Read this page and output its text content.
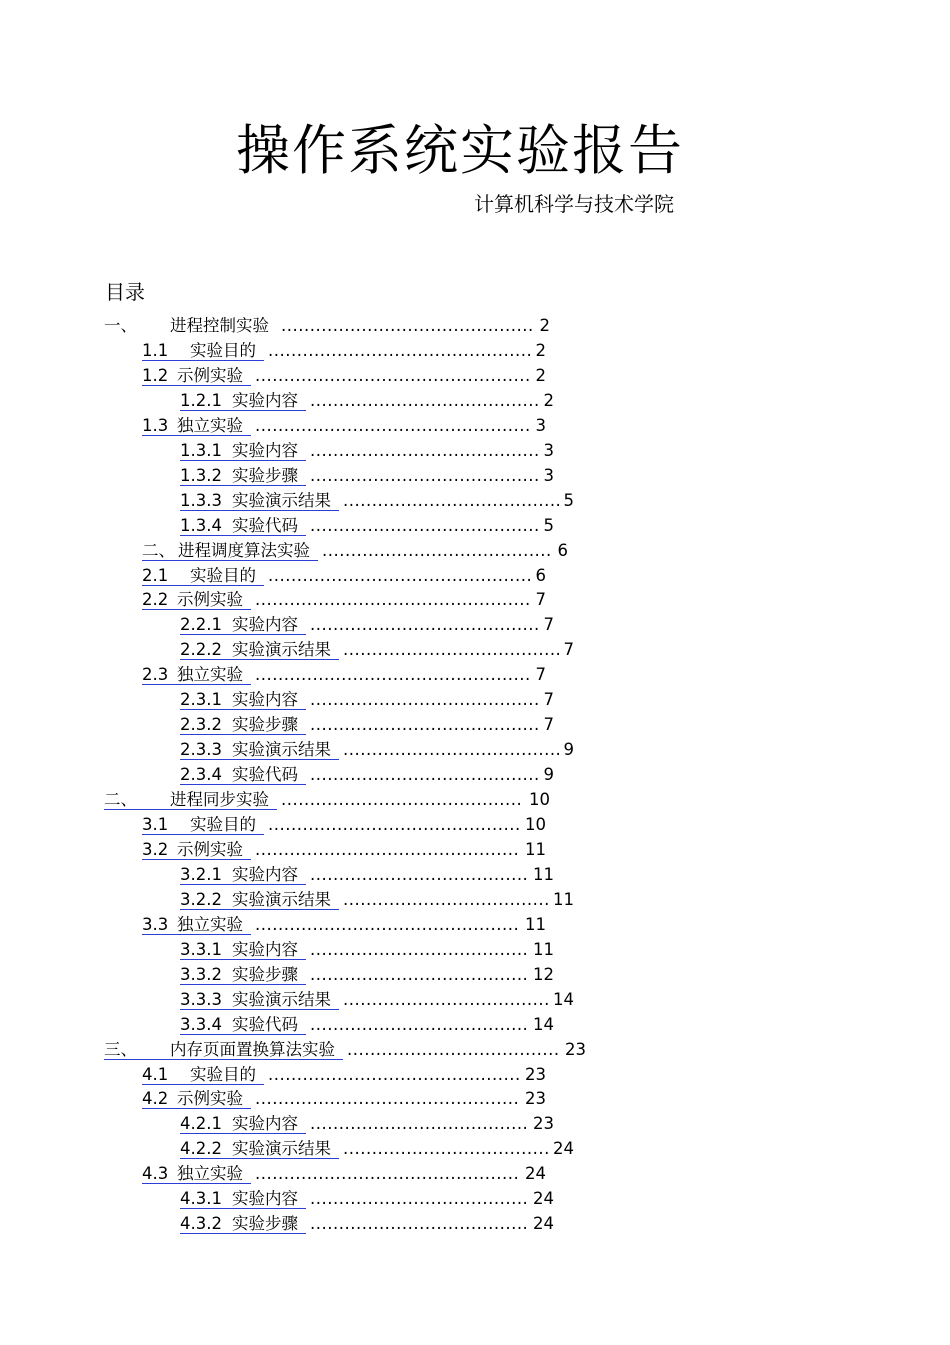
操作系统实验报告
计算机科学与技术学院
目录
一、 进程控制实验	2
............................................
1.1 实验目的	2
..............................................
1.2 示例实验	2
................................................
1.2.1 实验内容	2
........................................
1.3 独立实验	3
................................................
1.3.1 实验内容	3
........................................
1.3.2 实验步骤	3
........................................
1.3.3 实验演示结果	5
......................................
1.3.4 实验代码	5
........................................
二、 进程调度算法实验	6
........................................
2.1 实验目的	6
..............................................
2.2 示例实验	7
................................................
2.2.1 实验内容	7
........................................
2.2.2 实验演示结果	7
......................................
2.3 独立实验	7
................................................
2.3.1 实验内容	7
........................................
2.3.2 实验步骤	7
........................................
2.3.3 实验演示结果	9
......................................
2.3.4 实验代码	9
........................................
二、 进程同步实验	10
..........................................
3.1 实验目的	10
............................................
3.2 示例实验	11
..............................................
3.2.1 实验内容	11
......................................
3.2.2 实验演示结果	11
....................................
3.3 独立实验	11
..............................................
3.3.1 实验内容	11
......................................
3.3.2 实验步骤	12
......................................
3.3.3 实验演示结果	14
....................................
3.3.4 实验代码	14
......................................
三、 内存页面置换算法实验	23
.....................................
4.1 实验目的	23
............................................
4.2 示例实验	23
..............................................
4.2.1 实验内容	23
......................................
4.2.2 实验演示结果	24
....................................
4.3 独立实验	24
..............................................
4.3.1 实验内容	24
......................................
4.3.2 实验步骤	24
......................................
